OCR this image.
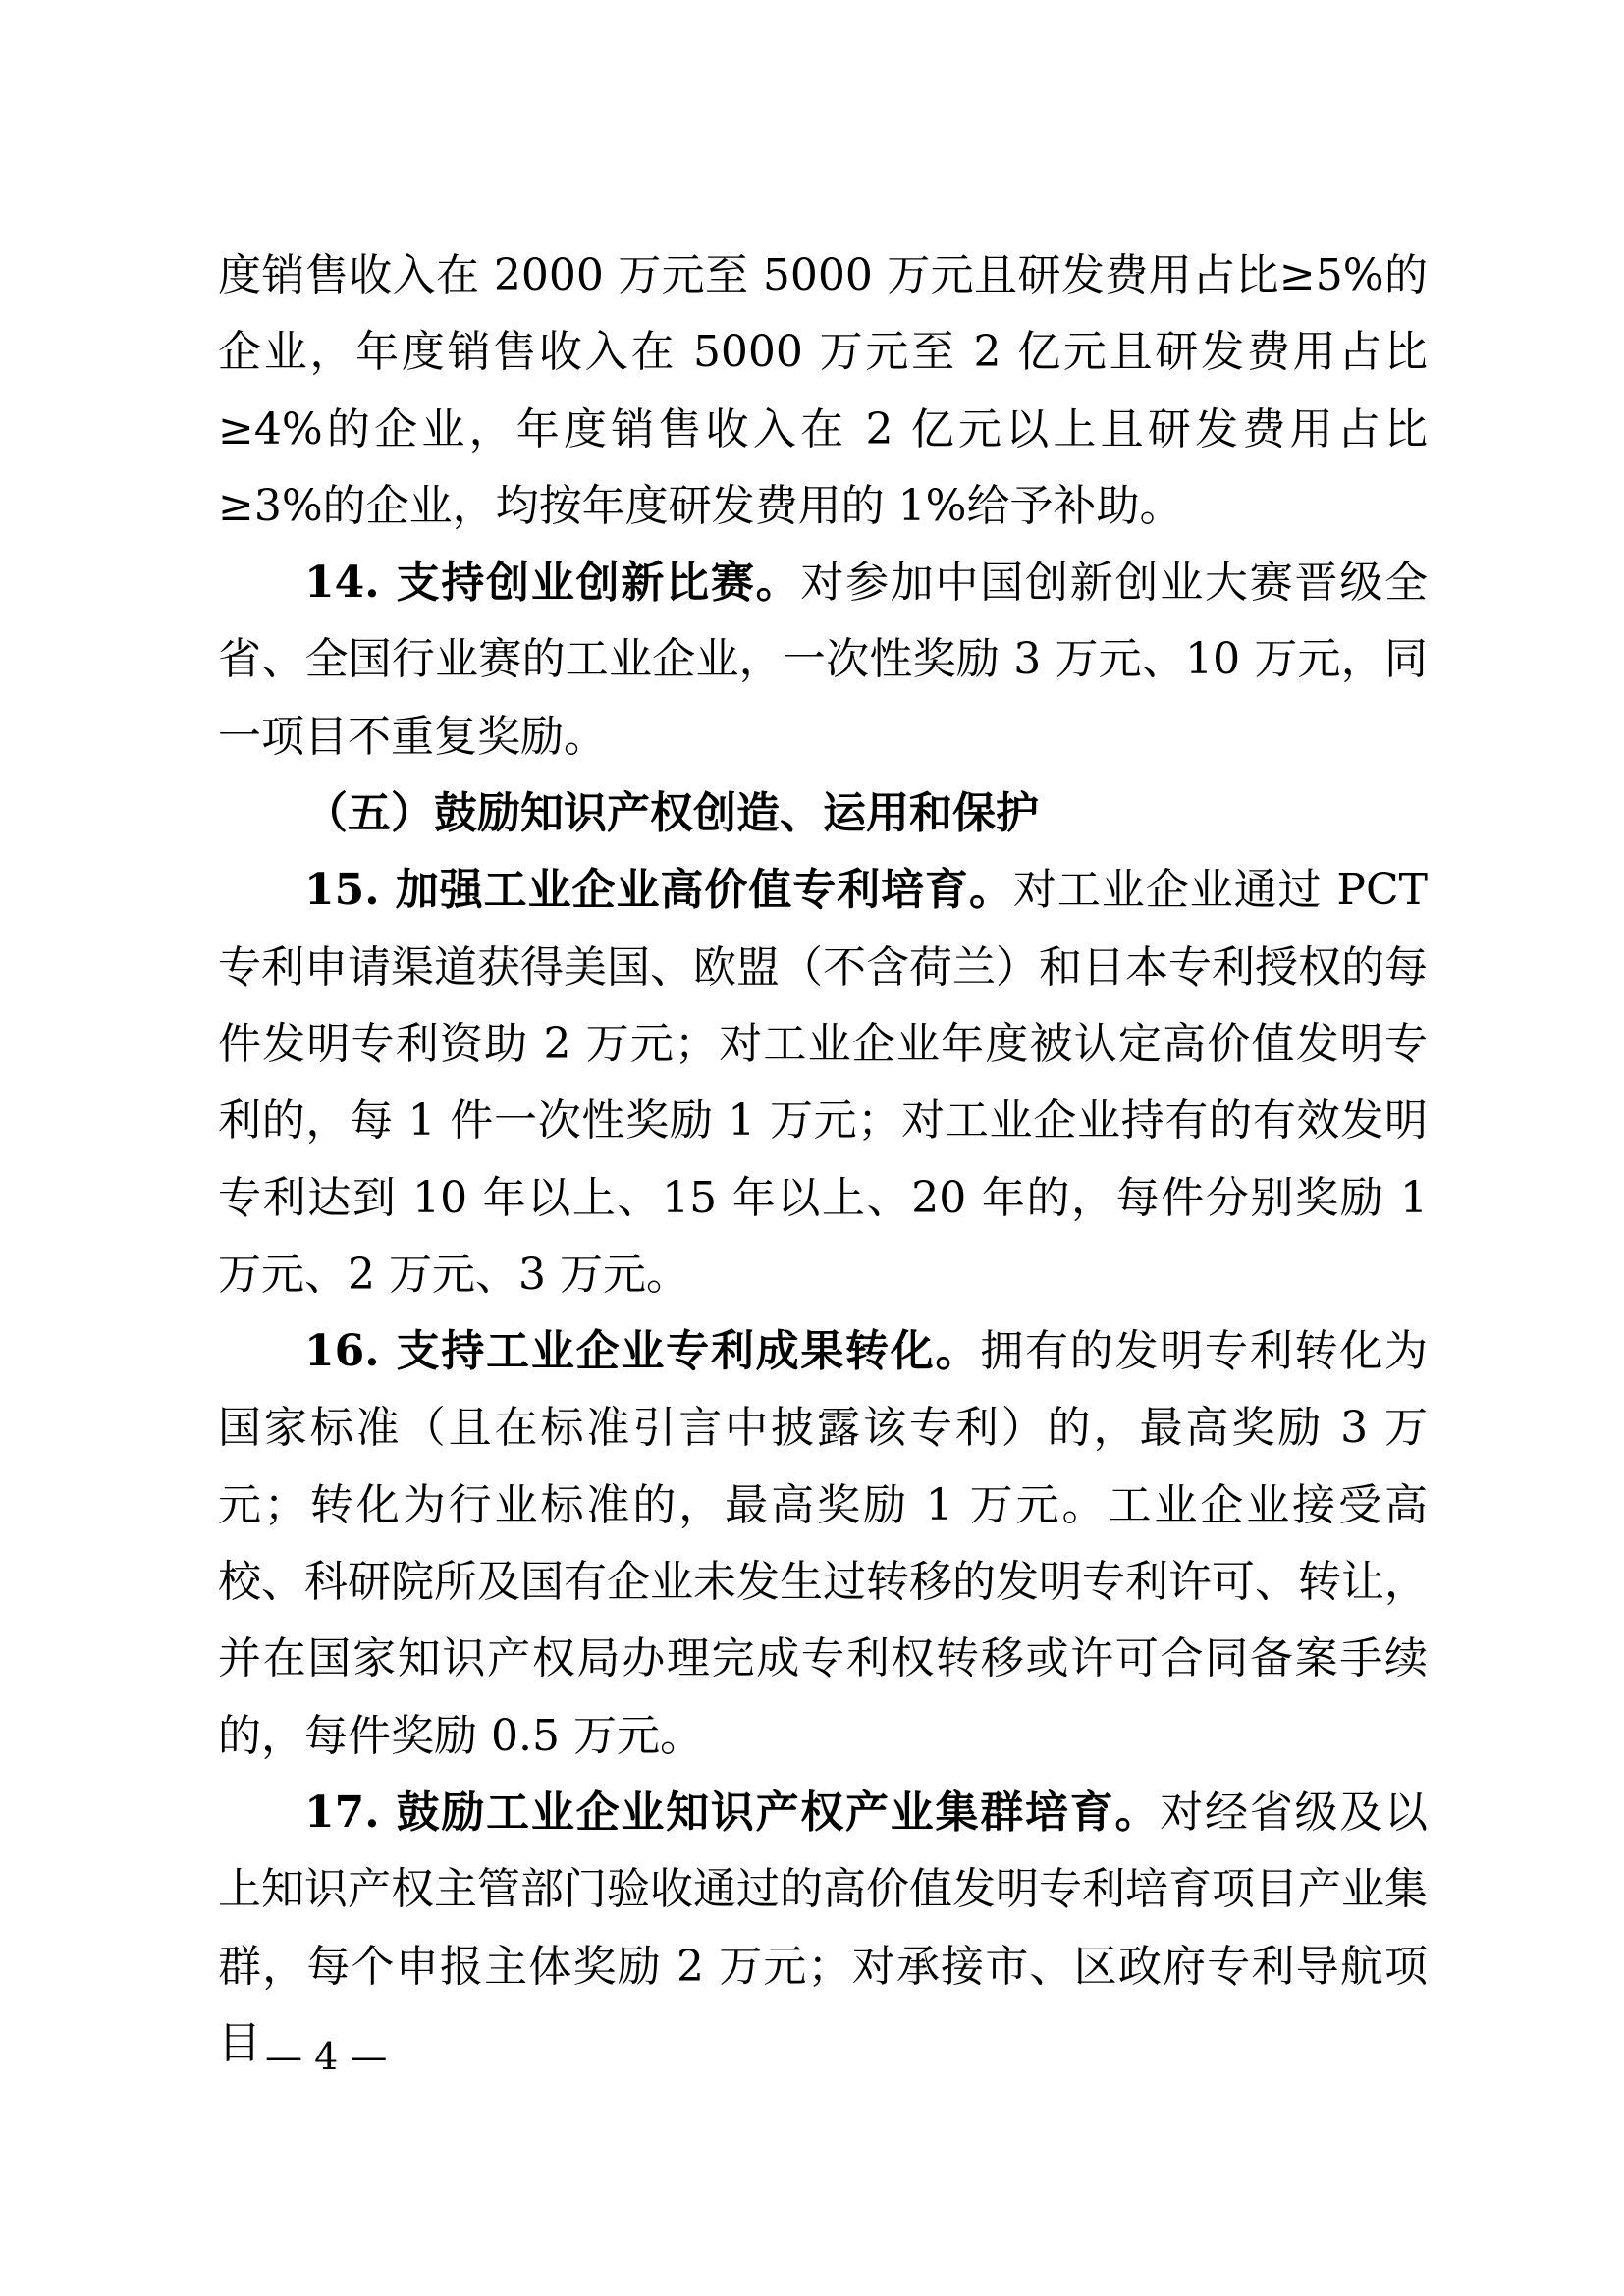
度销售收入在 2000 万元至 5000 万元且研发费用占比≥5%的企业，年度销售收入在 5000 万元至 2 亿元且研发费用占比≥4%的企业，年度销售收入在 2 亿元以上且研发费用占比≥3%的企业，均按年度研发费用的 1%给予补助。

14. 支持创业创新比赛。对参加中国创新创业大赛晋级全省、全国行业赛的工业企业，一次性奖励 3 万元、10 万元，同一项目不重复奖励。

（五）鼓励知识产权创造、运用和保护

15. 加强工业企业高价值专利培育。对工业企业通过 PCT 专利申请渠道获得美国、欧盟（不含荷兰）和日本专利授权的每件发明专利资助 2 万元；对工业企业年度被认定高价值发明专利的，每 1 件一次性奖励 1 万元；对工业企业持有的有效发明专利达到 10 年以上、15 年以上、20 年的，每件分别奖励 1 万元、2 万元、3 万元。

16. 支持工业企业专利成果转化。拥有的发明专利转化为国家标准（且在标准引言中披露该专利）的，最高奖励 3 万元；转化为行业标准的，最高奖励 1 万元。工业企业接受高校、科研院所及国有企业未发生过转移的发明专利许可、转让，并在国家知识产权局办理完成专利权转移或许可合同备案手续的，每件奖励 0.5 万元。

17. 鼓励工业企业知识产权产业集群培育。对经省级及以上知识产权主管部门验收通过的高价值发明专利培育项目产业集群，每个申报主体奖励 2 万元；对承接市、区政府专利导航项目 — 4 —
